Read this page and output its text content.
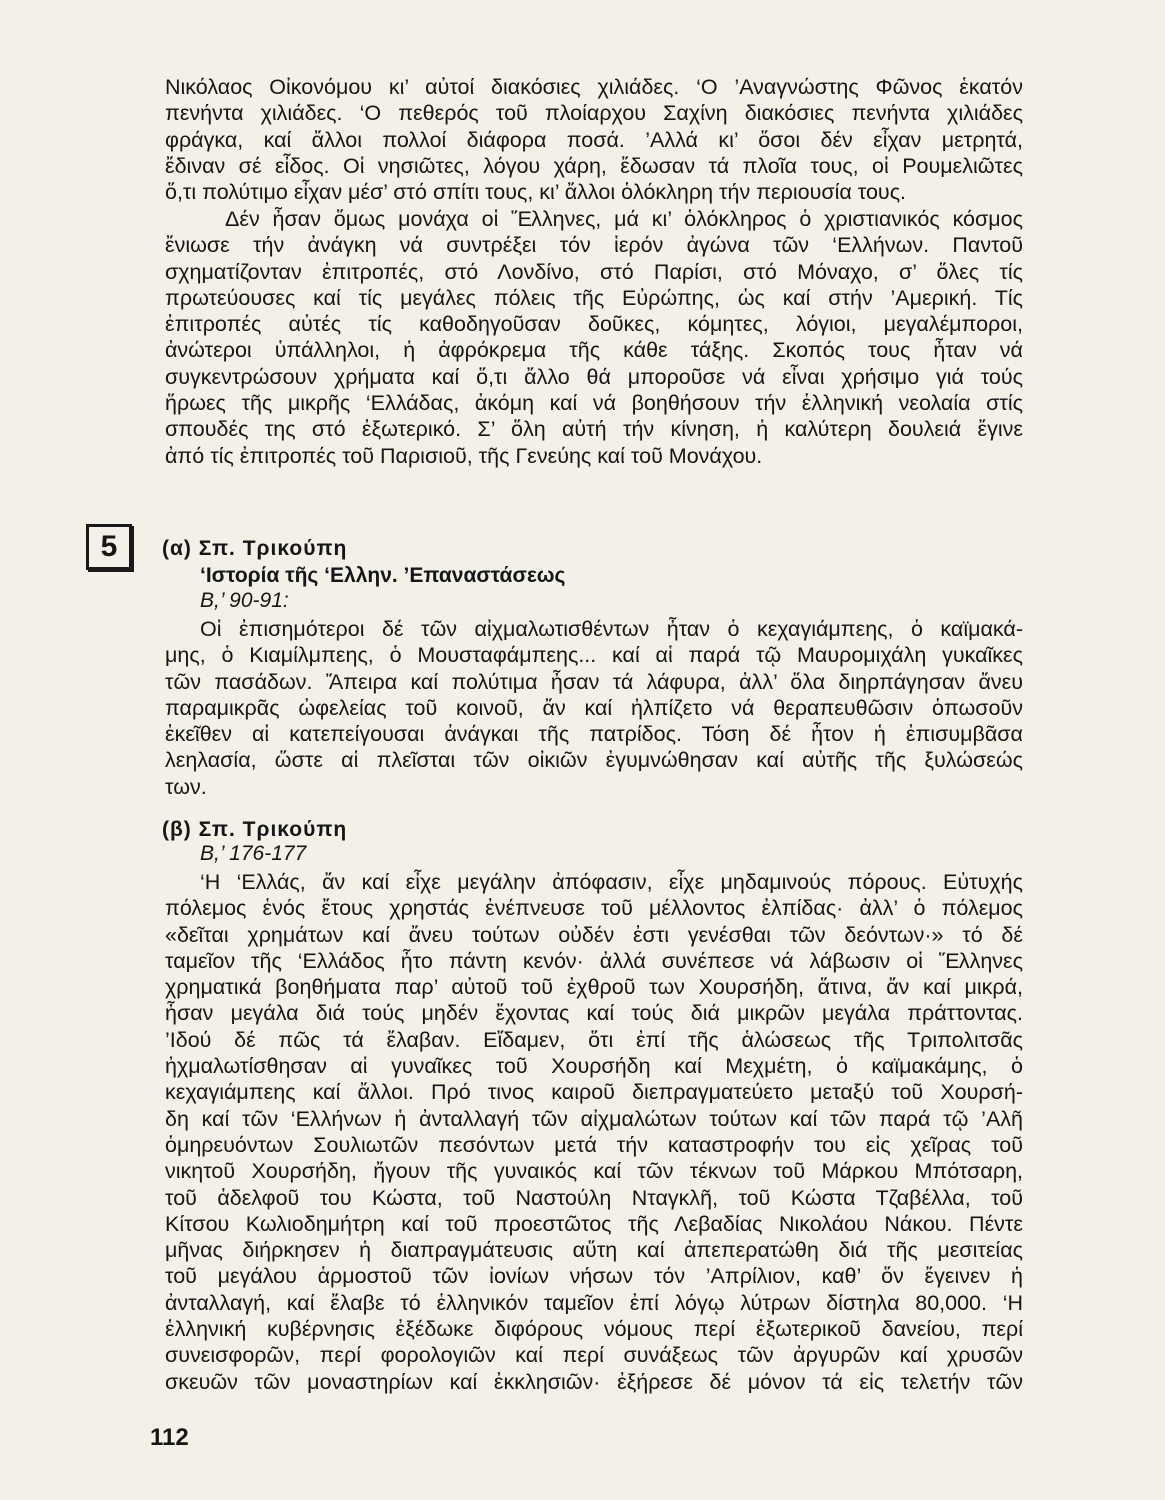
Νικόλαος Οἰκονόμου κι’ αὐτοί διακόσιες χιλιάδες. ‘Ο ’Αναγνώστης Φῶνος ἑκατόν
πενήντα χιλιάδες. ‘Ο πεθερός τοῦ πλοίαρχου Σαχίνη διακόσιες πενήντα χιλιάδες
φράγκα, καί ἄλλοι πολλοί διάφορα ποσά. ’Αλλά κι’ ὅσοι δέν εἶχαν μετρητά,
ἔδιναν σέ εἶδος. Οἱ νησιῶτες, λόγου χάρη, ἔδωσαν τά πλοῖα τους, οἱ Ρουμελιῶτες
ὅ,τι πολύτιμο εἶχαν μέσ’ στό σπίτι τους, κι’ ἄλλοι ὁλόκληρη τήν περιουσία τους.
Δέν ἦσαν ὅμως μονάχα οἱ Ἕλληνες, μά κι’ ὁλόκληρος ὁ χριστιανικός κόσμος
ἔνιωσε τήν ἀνάγκη νά συντρέξει τόν ἱερόν ἀγώνα τῶν ‘Ελλήνων. Παντοῦ
σχηματίζονταν ἐπιτροπές, στό Λονδίνο, στό Παρίσι, στό Μόναχο, σ’ ὅλες τίς
πρωτεύουσες καί τίς μεγάλες πόλεις τῆς Εὐρώπης, ὡς καί στήν ’Αμερική. Τίς
ἐπιτροπές αὐτές τίς καθοδηγοῦσαν δοῦκες, κόμητες, λόγιοι, μεγαλέμποροι,
ἀνώτεροι ὑπάλληλοι, ἡ ἀφρόκρεμα τῆς κάθε τάξης. Σκοπός τους ἦταν νά
συγκεντρώσουν χρήματα καί ὅ,τι ἄλλο θά μποροῦσε νά εἶναι χρήσιμο γιά τούς
ἥρωες τῆς μικρῆς ‘Ελλάδας, ἀκόμη καί νά βοηθήσουν τήν ἑλληνική νεολαία στίς
σπουδές της στό ἐξωτερικό. Σ’ ὅλη αὐτή τήν κίνηση, ἡ καλύτερη δουλειά ἔγινε
ἀπό τίς ἐπιτροπές τοῦ Παρισιοῦ, τῆς Γενεύης καί τοῦ Μονάχου.
5	(α) Σπ. Τρικούπη
‘Ιστορία τῆς ‘Ελλην. ’Επαναστάσεως
Β,’ 90-91:
Οἱ ἐπισημότεροι δέ τῶν αἰχμαλωτισθέντων ἦταν ὁ κεχαγιάμπεης, ὁ καϊμακά-
μης, ὁ Κιαμίλμπεης, ὁ Μουσταφάμπεης... καί αἱ παρά τῷ Μαυρομιχάλη γυκαῖκες
τῶν πασάδων. Ἄπειρα καί πολύτιμα ἦσαν τά λάφυρα, ἀλλ’ ὅλα διηρπάγησαν ἄνευ
παραμικρᾶς ὠφελείας τοῦ κοινοῦ, ἄν καί ἠλπίζετο νά θεραπευθῶσιν ὁπωσοῦν
ἐκεῖθεν αἱ κατεπείγουσαι ἀνάγκαι τῆς πατρίδος. Τόση δέ ἦτον ἡ ἐπισυμβᾶσα
λεηλασία, ὥστε αἱ πλεῖσται τῶν οἰκιῶν ἐγυμνώθησαν καί αὐτῆς τῆς ξυλώσεώς
των.
(β) Σπ. Τρικούπη
Β,’ 176-177
‘Η ‘Ελλάς, ἄν καί εἶχε μεγάλην ἀπόφασιν, εἶχε μηδαμινούς πόρους. Εὐτυχής
πόλεμος ἑνός ἔτους χρηστάς ἐνέπνευσε τοῦ μέλλοντος ἐλπίδας· ἀλλ’ ὁ πόλεμος
«δεῖται χρημάτων καί ἄνευ τούτων οὐδέν ἐστι γενέσθαι τῶν δεόντων·» τό δέ
ταμεῖον τῆς ‘Ελλάδος ἦτο πάντη κενόν· ἀλλά συνέπεσε νά λάβωσιν οἱ Ἕλληνες
χρηματικά βοηθήματα παρ’ αὐτοῦ τοῦ ἐχθροῦ των Χουρσήδη, ἅτινα, ἄν καί μικρά,
ἦσαν μεγάλα διά τούς μηδέν ἔχοντας καί τούς διά μικρῶν μεγάλα πράττοντας.
’Ιδού δέ πῶς τά ἔλαβαν. Εἴδαμεν, ὅτι ἐπί τῆς ἁλώσεως τῆς Τριπολιτσᾶς
ἠχμαλωτίσθησαν αἱ γυναῖκες τοῦ Χουρσήδη καί Μεχμέτη, ὁ καϊμακάμης, ὁ
κεχαγιάμπεης καί ἄλλοι. Πρό τινος καιροῦ διεπραγματεύετο μεταξύ τοῦ Χουρσή-
δη καί τῶν ‘Ελλήνων ἡ ἀνταλλαγή τῶν αἰχμαλώτων τούτων καί τῶν παρά τῷ ’Αλῆ
ὁμηρευόντων Σουλιωτῶν πεσόντων μετά τήν καταστροφήν του εἰς χεῖρας τοῦ
νικητοῦ Χουρσήδη, ἤγουν τῆς γυναικός καί τῶν τέκνων τοῦ Μάρκου Μπότσαρη,
τοῦ ἀδελφοῦ του Κώστα, τοῦ Ναστούλη Νταγκλῆ, τοῦ Κώστα Τζαβέλλα, τοῦ
Κίτσου Κωλιοδημήτρη καί τοῦ προεστῶτος τῆς Λεβαδίας Νικολάου Νάκου. Πέντε
μῆνας διήρκησεν ἡ διαπραγμάτευσις αὕτη καί ἀπεπερατώθη διά τῆς μεσιτείας
τοῦ μεγάλου ἁρμοστοῦ τῶν ἰονίων νήσων τόν ’Απρίλιον, καθ’ ὅν ἔγεινεν ἡ
ἀνταλλαγή, καί ἔλαβε τό ἑλληνικόν ταμεῖον ἐπί λόγῳ λύτρων δίστηλα 80,000. ‘Η
ἑλληνική κυβέρνησις ἐξέδωκε διφόρους νόμους περί ἐξωτερικοῦ δανείου, περί
συνεισφορῶν, περί φορολογιῶν καί περί συνάξεως τῶν ἀργυρῶν καί χρυσῶν
σκευῶν τῶν μοναστηρίων καί ἐκκλησιῶν· ἐξήρεσε δέ μόνον τά εἰς τελετήν τῶν
112
